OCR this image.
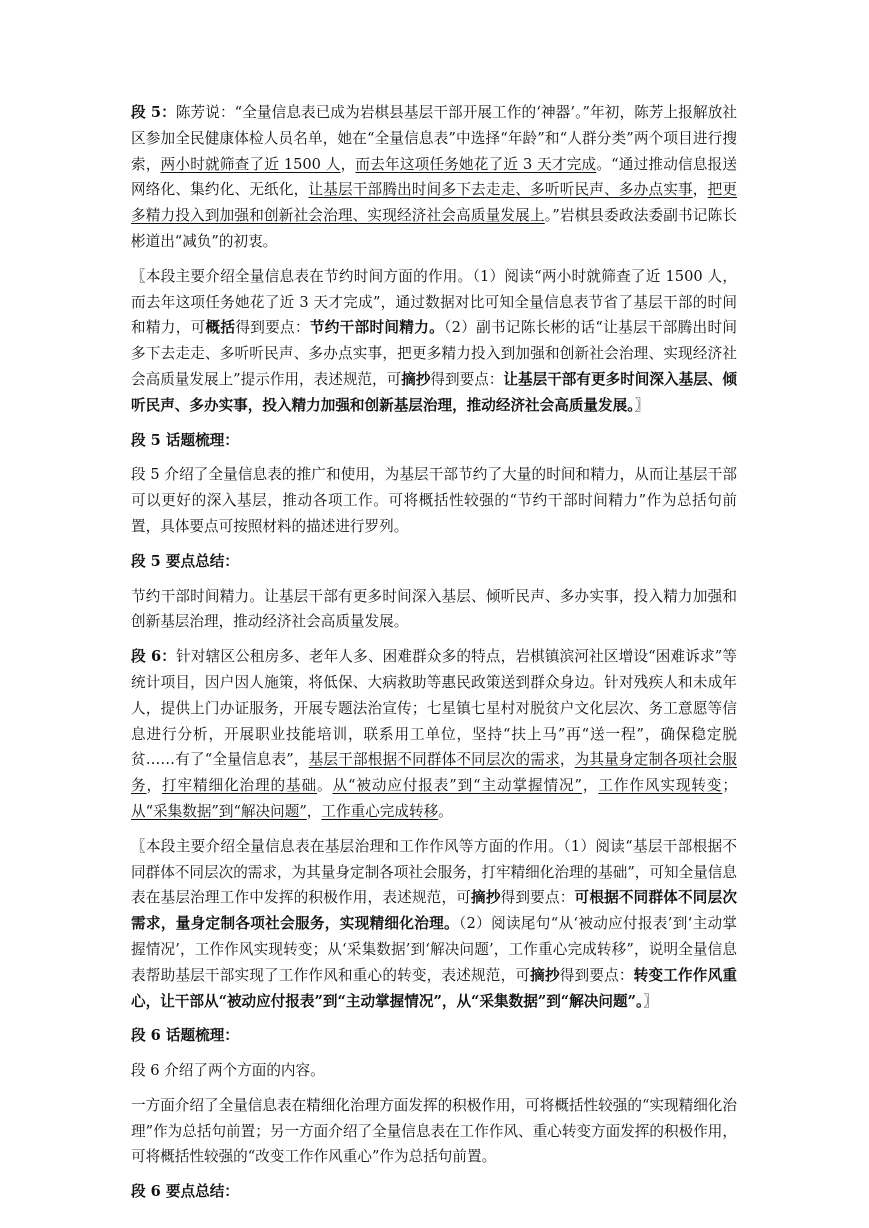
段 5：陈芳说：“全量信息表已成为岩棋县基层干部开展工作的‘神器’。”年初，陈芳上报解放社区参加全民健康体检人员名单，她在“全量信息表”中选择“年龄”和“人群分类”两个项目进行搜索，两小时就筛查了近 1500 人，而去年这项任务她花了近 3 天才完成。“通过推动信息报送网络化、集约化、无纸化，让基层干部腾出时间多下去走走、多听听民声、多办点实事，把更多精力投入到加强和创新社会治理、实现经济社会高质量发展上。”岩棋县委政法委副书记陈长彬道出“减负”的初衷。

〖本段主要介绍全量信息表在节约时间方面的作用。（1）阅读“两小时就筛查了近 1500 人，而去年这项任务她花了近 3 天才完成”，通过数据对比可知全量信息表节省了基层干部的时间和精力，可概括得到要点：节约干部时间精力。（2）副书记陈长彬的话“让基层干部腾出时间多下去走走、多听听民声、多办点实事，把更多精力投入到加强和创新社会治理、实现经济社会高质量发展上”提示作用，表述规范，可摘抄得到要点：让基层干部有更多时间深入基层、倾听民声、多办实事，投入精力加强和创新基层治理，推动经济社会高质量发展。〗

段 5 话题梳理：

段 5 介绍了全量信息表的推广和使用，为基层干部节约了大量的时间和精力，从而让基层干部可以更好的深入基层，推动各项工作。可将概括性较强的“节约干部时间精力”作为总括句前置，具体要点可按照材料的描述进行罗列。

段 5 要点总结：

节约干部时间精力。让基层干部有更多时间深入基层、倾听民声、多办实事，投入精力加强和创新基层治理，推动经济社会高质量发展。

段 6：针对辖区公租房多、老年人多、困难群众多的特点，岩棋镇滨河社区增设“困难诉求”等统计项目，因户因人施策，将低保、大病救助等惠民政策送到群众身边。针对残疾人和未成年人，提供上门办证服务，开展专题法治宣传；七星镇七星村对脱贫户文化层次、务工意愿等信息进行分析，开展职业技能培训，联系用工单位，坚持“扶上马”再“送一程”，确保稳定脱贫……有了“全量信息表”，基层干部根据不同群体不同层次的需求，为其量身定制各项社会服务，打牢精细化治理的基础。从“被动应付报表”到“主动掌握情况”，工作作风实现转变；从“采集数据”到“解决问题”，工作重心完成转移。

〖本段主要介绍全量信息表在基层治理和工作作风等方面的作用。（1）阅读“基层干部根据不同群体不同层次的需求，为其量身定制各项社会服务，打牢精细化治理的基础”，可知全量信息表在基层治理工作中发挥的积极作用，表述规范，可摘抄得到要点：可根据不同群体不同层次需求，量身定制各项社会服务，实现精细化治理。（2）阅读尾句“从‘被动应付报表’到‘主动掌握情况’，工作作风实现转变；从‘采集数据’到‘解决问题’，工作重心完成转移”，说明全量信息表帮助基层干部实现了工作作风和重心的转变，表述规范，可摘抄得到要点：转变工作作风重心，让干部从“被动应付报表”到“主动掌握情况”，从“采集数据”到“解决问题”。〗

段 6 话题梳理：

段 6 介绍了两个方面的内容。

一方面介绍了全量信息表在精细化治理方面发挥的积极作用，可将概括性较强的“实现精细化治理”作为总括句前置；另一方面介绍了全量信息表在工作作风、重心转变方面发挥的积极作用，可将概括性较强的“改变工作作风重心”作为总括句前置。

段 6 要点总结：
